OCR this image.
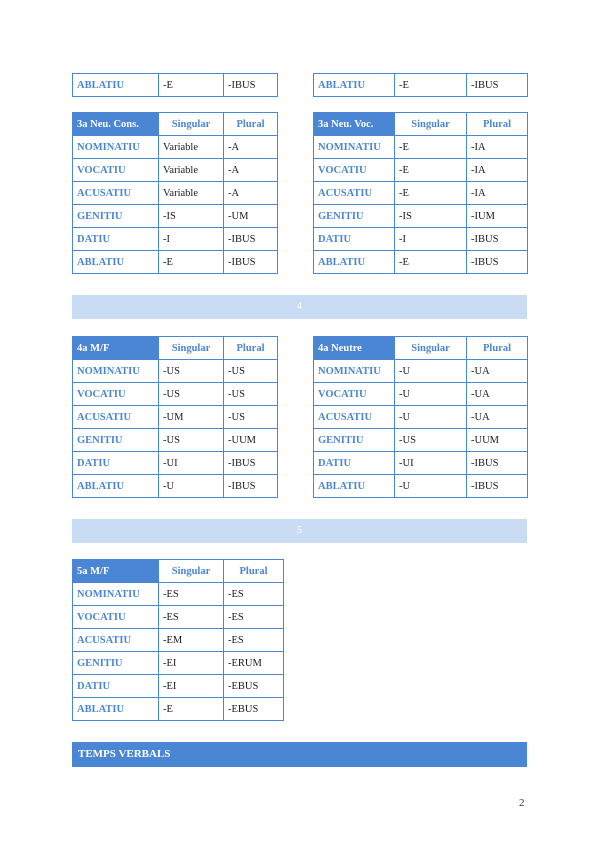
ABLATIU	-E	-IBUS	ABLATIU	-E	-IBUS
3a Neu. Cons.	Singular	Plural
NOMINATIU	Variable	-A
VOCATIU	Variable	-A
ACUSATIU	Variable	-A
GENITIU	-IS	-UM
DATIU	-I	-IBUS
ABLATIU	-E	-IBUS
3a Neu. Voc.	Singular	Plural
NOMINATIU	-E	-IA
VOCATIU	-E	-IA
ACUSATIU	-E	-IA
GENITIU	-IS	-IUM
DATIU	-I	-IBUS
ABLATIU	-E	-IBUS
4
4a M/F	Singular	Plural
NOMINATIU	-US	-US
VOCATIU	-US	-US
ACUSATIU	-UM	-US
GENITIU	-US	-UUM
DATIU	-UI	-IBUS
ABLATIU	-U	-IBUS
4a Neutre	Singular	Plural
NOMINATIU	-U	-UA
VOCATIU	-U	-UA
ACUSATIU	-U	-UA
GENITIU	-US	-UUM
DATIU	-UI	-IBUS
ABLATIU	-U	-IBUS
5
5a M/F	Singular	Plural
NOMINATIU	-ES	-ES
VOCATIU	-ES	-ES
ACUSATIU	-EM	-ES
GENITIU	-EI	-ERUM
DATIU	-EI	-EBUS
ABLATIU	-E	-EBUS
TEMPS VERBALS
2
